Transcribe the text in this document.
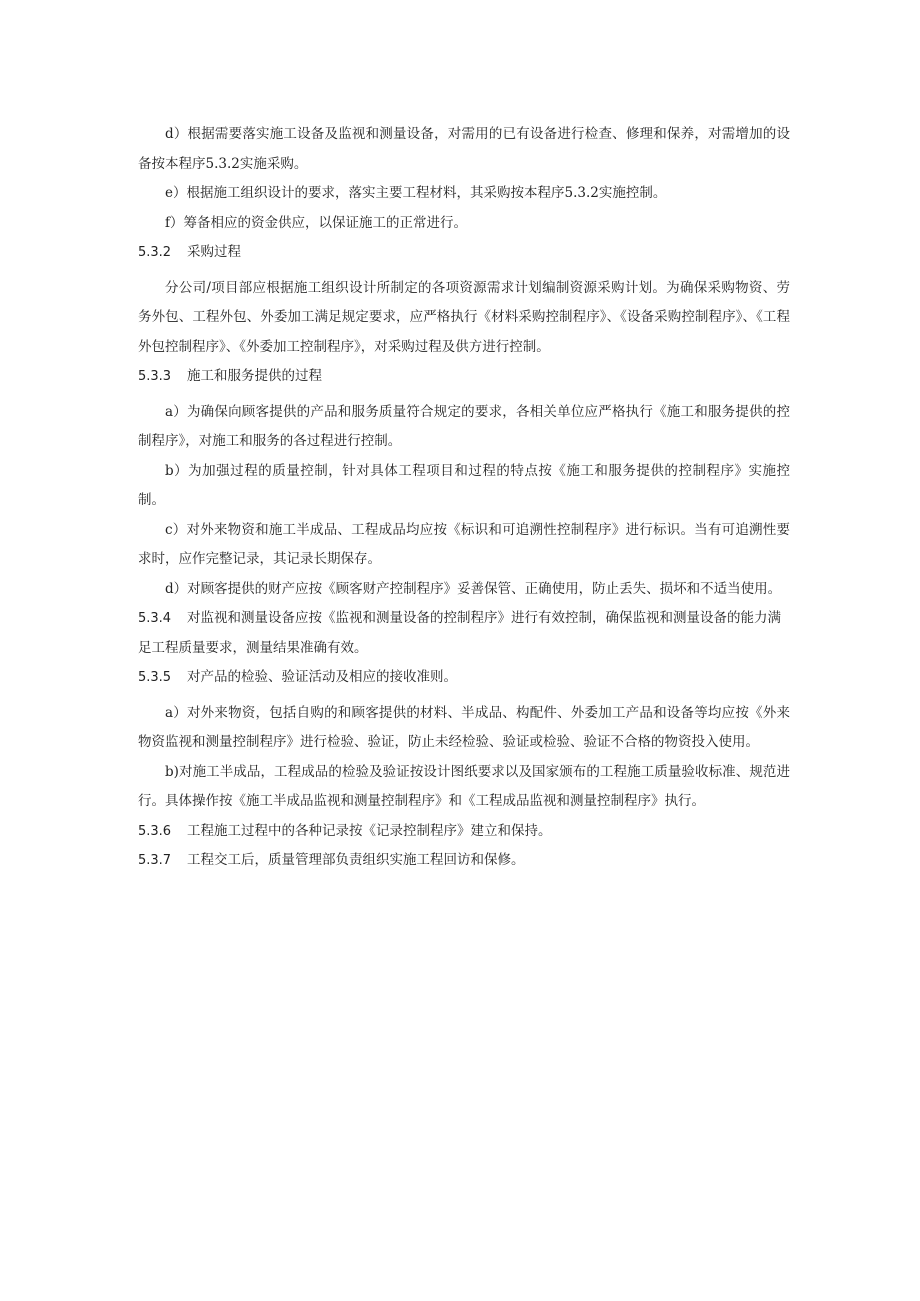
d）根据需要落实施工设备及监视和测量设备，对需用的已有设备进行检查、修理和保养，对需增加的设备按本程序5.3.2实施采购。

e）根据施工组织设计的要求，落实主要工程材料，其采购按本程序5.3.2实施控制。

f）筹备相应的资金供应，以保证施工的正常进行。

5.3.2	采购过程

分公司/项目部应根据施工组织设计所制定的各项资源需求计划编制资源采购计划。为确保采购物资、劳务外包、工程外包、外委加工满足规定要求，应严格执行《材料采购控制程序》、《设备采购控制程序》、《工程外包控制程序》、《外委加工控制程序》，对采购过程及供方进行控制。

5.3.3	施工和服务提供的过程

a）为确保向顾客提供的产品和服务质量符合规定的要求，各相关单位应严格执行《施工和服务提供的控制程序》，对施工和服务的各过程进行控制。

b）为加强过程的质量控制，针对具体工程项目和过程的特点按《施工和服务提供的控制程序》实施控制。

c）对外来物资和施工半成品、工程成品均应按《标识和可追溯性控制程序》进行标识。当有可追溯性要求时，应作完整记录，其记录长期保存。

d）对顾客提供的财产应按《顾客财产控制程序》妥善保管、正确使用，防止丢失、损坏和不适当使用。

5.3.4 对监视和测量设备应按《监视和测量设备的控制程序》进行有效控制，确保监视和测量设备的能力满足工程质量要求，测量结果准确有效。
5.3.5	对产品的检验、验证活动及相应的接收准则。

a）对外来物资，包括自购的和顾客提供的材料、半成品、构配件、外委加工产品和设备等均应按《外来物资监视和测量控制程序》进行检验、验证，防止未经检验、验证或检验、验证不合格的物资投入使用。

b)对施工半成品，工程成品的检验及验证按设计图纸要求以及国家颁布的工程施工质量验收标准、规范进行。具体操作按《施工半成品监视和测量控制程序》和《工程成品监视和测量控制程序》执行。

5.3.6	工程施工过程中的各种记录按《记录控制程序》建立和保持。
5.3.7	工程交工后，质量管理部负责组织实施工程回访和保修。
